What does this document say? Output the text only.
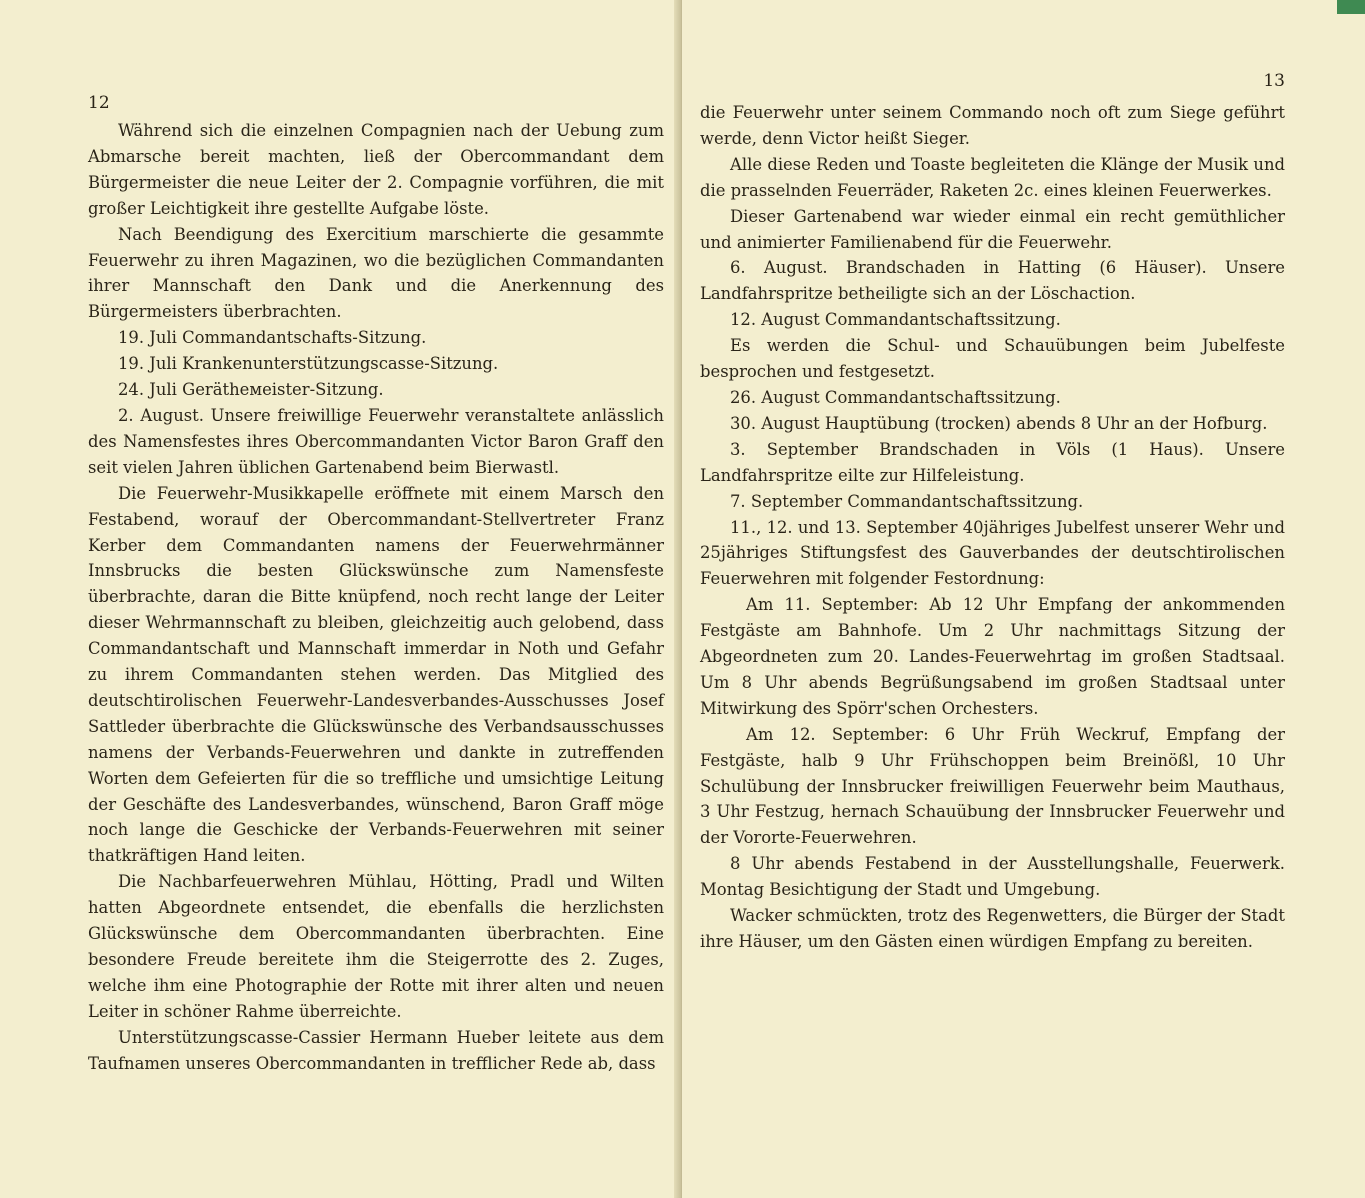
12

Während sich die einzelnen Compagnien nach der Uebung zum Abmarsche bereit machten, ließ der Obercommandant dem Bürgermeister die neue Leiter der 2. Compagnie vorführen, die mit großer Leichtigkeit ihre gestellte Aufgabe löste.

Nach Beendigung des Exercitium marschierte die gesammte Feuerwehr zu ihren Magazinen, wo die bezüglichen Commandanten ihrer Mannschaft den Dank und die Anerkennung des Bürgermeisters überbrachten.

19. Juli Commandantschafts-Sitzung.

19. Juli Krankenunterstützungscasse-Sitzung.

24. Juli Gerätheмeister-Sitzung.

2. August. Unsere freiwillige Feuerwehr veranstaltete anlässlich des Namensfestes ihres Obercommandanten Victor Baron Graff den seit vielen Jahren üblichen Gartenabend beim Bierwastl.

Die Feuerwehr-Musikkapelle eröffnete mit einem Marsch den Festabend, worauf der Obercommandant-Stellvertreter Franz Kerber dem Commandanten namens der Feuerwehrmänner Innsbrucks die besten Glückswünsche zum Namensfeste überbrachte, daran die Bitte knüpfend, noch recht lange der Leiter dieser Wehrmannschaft zu bleiben, gleichzeitig auch gelobend, dass Commandantschaft und Mannschaft immerdar in Noth und Gefahr zu ihrem Commandanten stehen werden. Das Mitglied des deutschtirolischen Feuerwehr-Landesverbandes-Ausschusses Josef Sattleder überbrachte die Glückswünsche des Verbandsausschusses namens der Verbands-Feuerwehren und dankte in zutreffenden Worten dem Gefeierten für die so treffliche und umsichtige Leitung der Geschäfte des Landesverbandes, wünschend, Baron Graff möge noch lange die Geschicke der Verbands-Feuerwehren mit seiner thatkräftigen Hand leiten.

Die Nachbarfeuerwehren Mühlau, Hötting, Pradl und Wilten hatten Abgeordnete entsendet, die ebenfalls die herzlichsten Glückswünsche dem Obercommandanten überbrachten. Eine besondere Freude bereitete ihm die Steigerrotte des 2. Zuges, welche ihm eine Photographie der Rotte mit ihrer alten und neuen Leiter in schöner Rahme überreichte.

Unterstützungscasse-Cassier Hermann Hueber leitete aus dem Taufnamen unseres Obercommandanten in trefflicher Rede ab, dass

13

die Feuerwehr unter seinem Commando noch oft zum Siege geführt werde, denn Victor heißt Sieger.

Alle diese Reden und Toaste begleiteten die Klänge der Musik und die prasselnden Feuerräder, Raketen 2c. eines kleinen Feuerwerkes.

Dieser Gartenabend war wieder einmal ein recht gemüthlicher und animierter Familienabend für die Feuerwehr.

6. August. Brandschaden in Hatting (6 Häuser). Unsere Landfahrspritze betheiligte sich an der Löschaction.

12. August Commandantschaftssitzung.

Es werden die Schul- und Schauübungen beim Jubelfeste besprochen und festgesetzt.

26. August Commandantschaftssitzung.

30. August Hauptübung (trocken) abends 8 Uhr an der Hofburg.

3. September Brandschaden in Völs (1 Haus). Unsere Landfahrspritze eilte zur Hilfeleistung.

7. September Commandantschaftssitzung.

11., 12. und 13. September 40jähriges Jubelfest unserer Wehr und 25jähriges Stiftungsfest des Gauverbandes der deutschtirolischen Feuerwehren mit folgender Festordnung:

Am 11. September: Ab 12 Uhr Empfang der ankommenden Festgäste am Bahnhofe. Um 2 Uhr nachmittags Sitzung der Abgeordneten zum 20. Landes-Feuerwehrtag im großen Stadtsaal. Um 8 Uhr abends Begrüßungsabend im großen Stadtsaal unter Mitwirkung des Spörr'schen Orchesters.

Am 12. September: 6 Uhr Früh Weckruf, Empfang der Festgäste, halb 9 Uhr Frühschoppen beim Breinößl, 10 Uhr Schulübung der Innsbrucker freiwilligen Feuerwehr beim Mauthaus, 3 Uhr Festzug, hernach Schauübung der Innsbrucker Feuerwehr und der Vororte-Feuerwehren.

8 Uhr abends Festabend in der Ausstellungshalle, Feuerwerk. Montag Besichtigung der Stadt und Umgebung.

Wacker schmückten, trotz des Regenwetters, die Bürger der Stadt ihre Häuser, um den Gästen einen würdigen Empfang zu bereiten.
